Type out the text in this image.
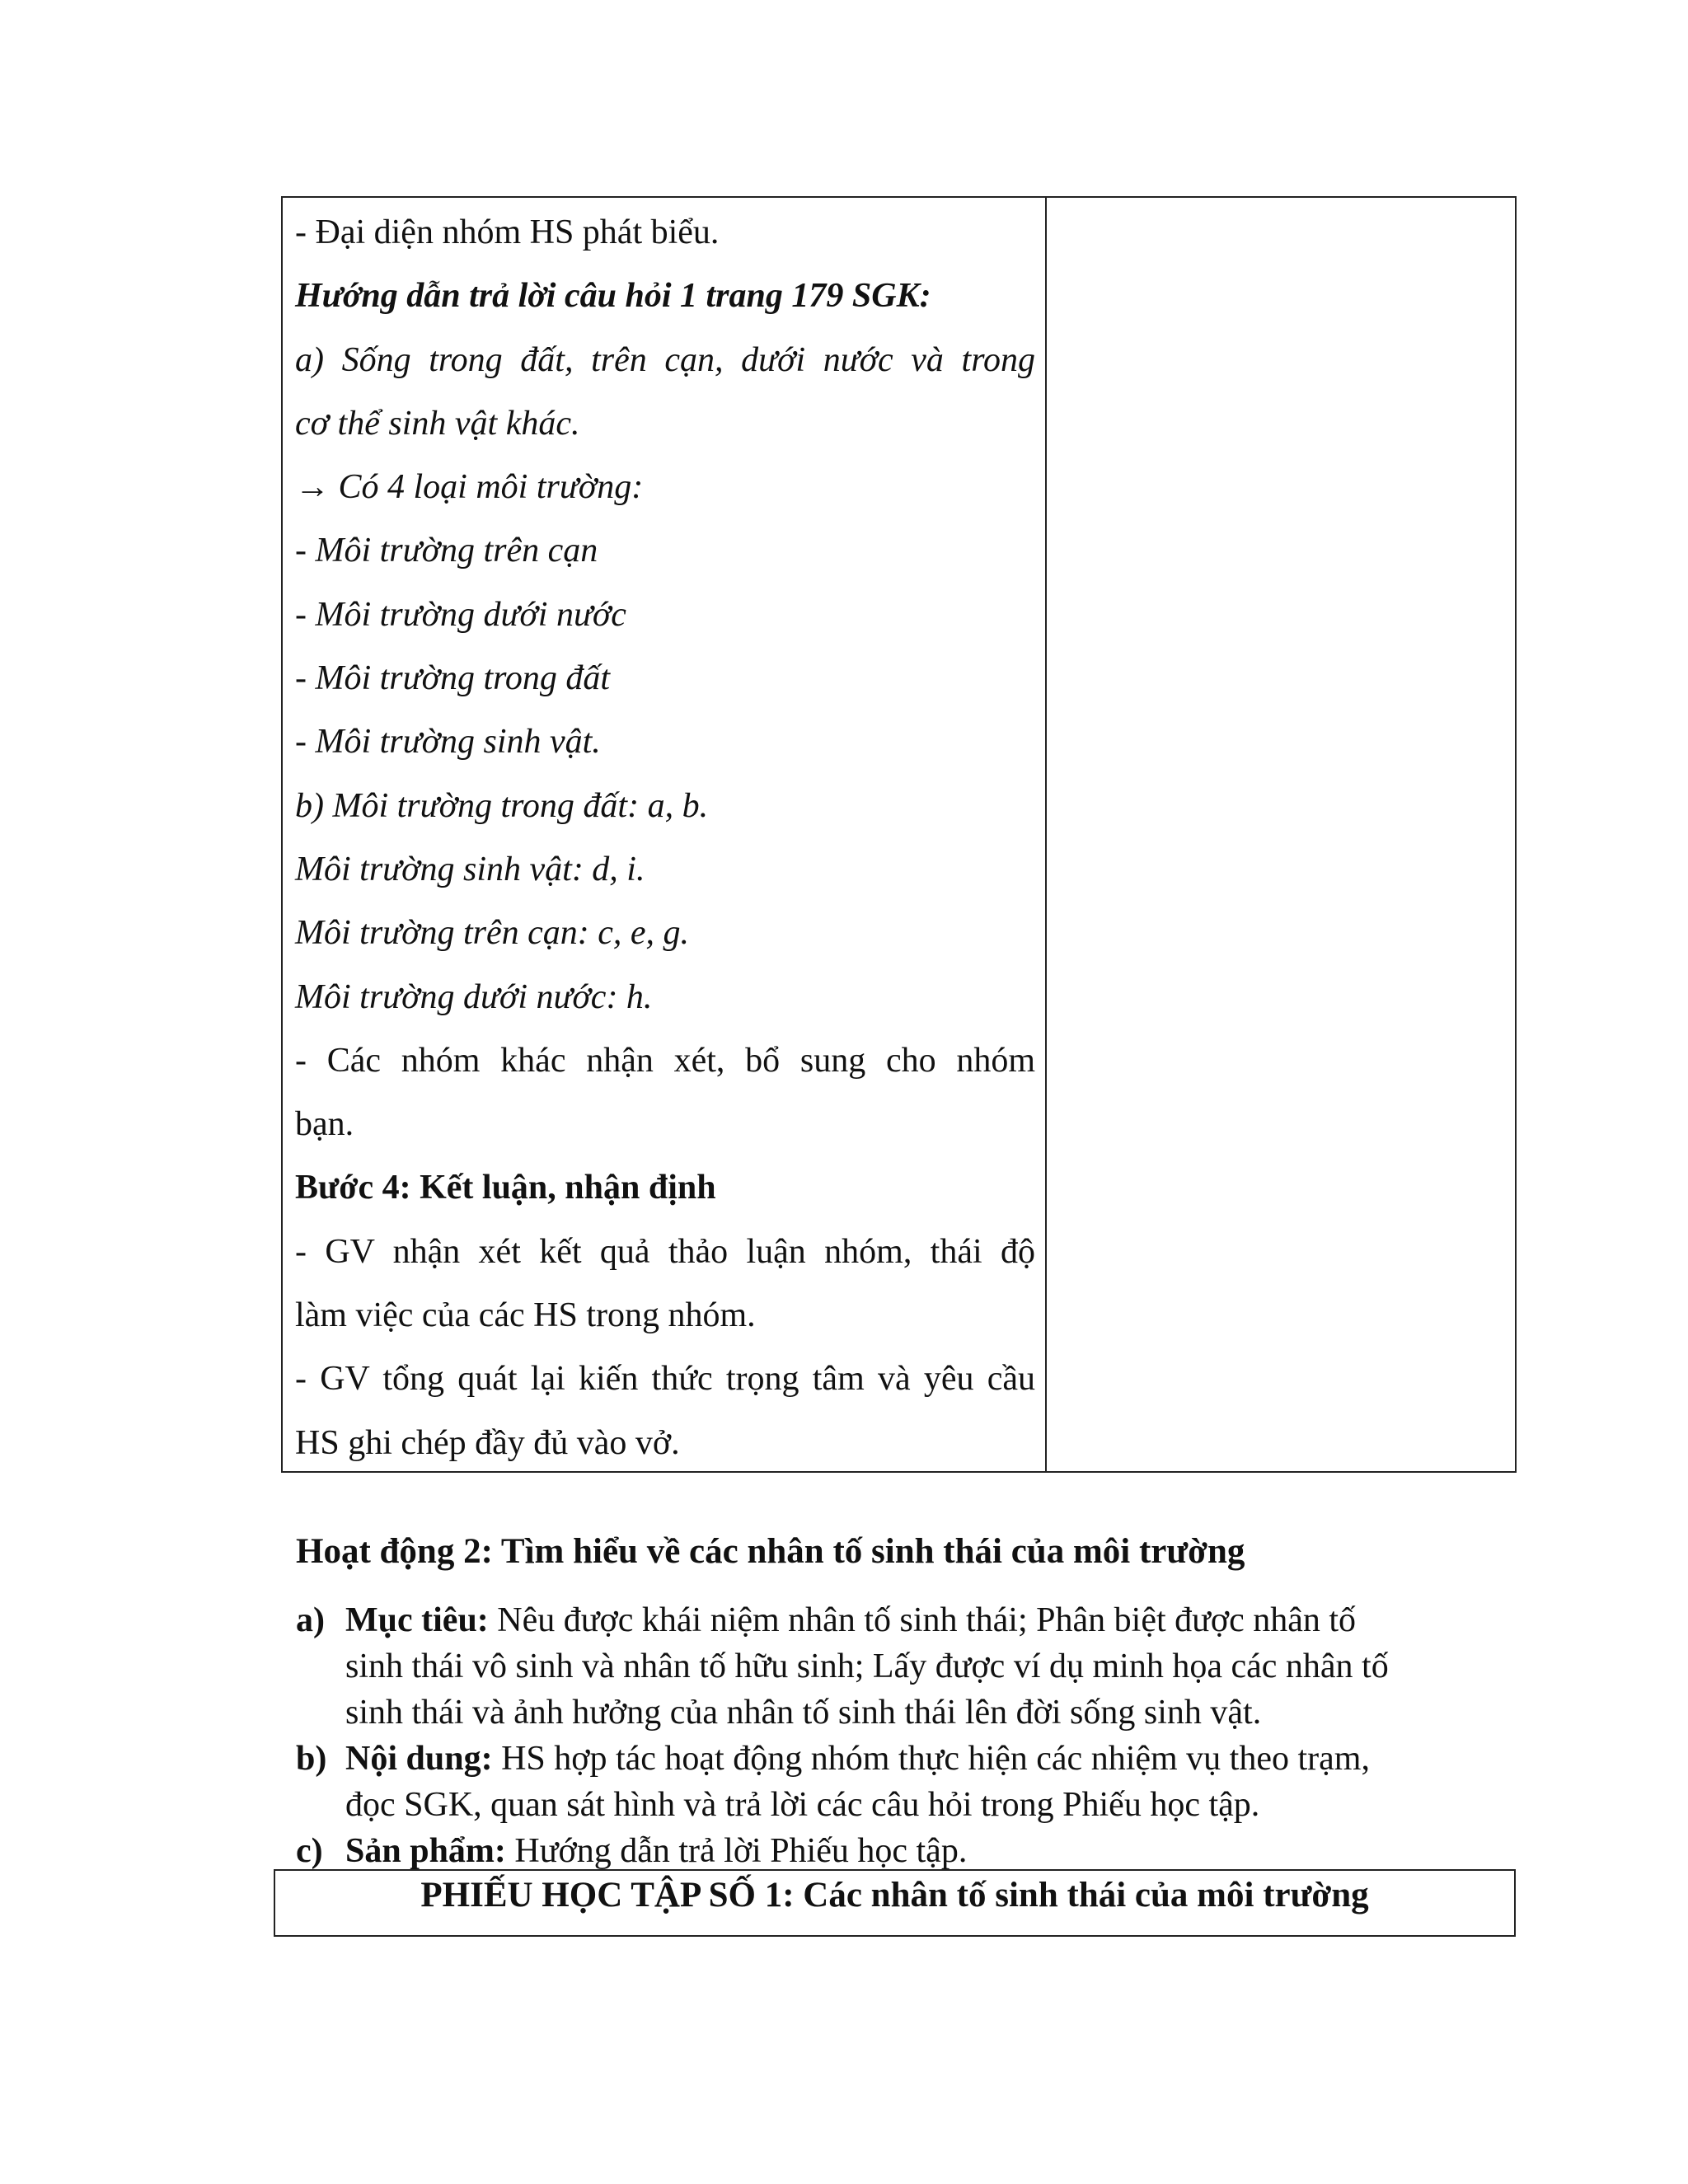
- Đại diện nhóm HS phát biểu.
Hướng dẫn trả lời câu hỏi 1 trang 179 SGK:
a) Sống trong đất, trên cạn, dưới nước và trong
cơ thể sinh vật khác.
→ Có 4 loại môi trường:
- Môi trường trên cạn
- Môi trường dưới nước
- Môi trường trong đất
- Môi trường sinh vật.
b) Môi trường trong đất: a, b.
Môi trường sinh vật: d, i.
Môi trường trên cạn: c, e, g.
Môi trường dưới nước: h.
- Các nhóm khác nhận xét, bổ sung cho nhóm
bạn.
Bước 4: Kết luận, nhận định
- GV nhận xét kết quả thảo luận nhóm, thái độ
làm việc của các HS trong nhóm.
- GV tổng quát lại kiến thức trọng tâm và yêu cầu
HS ghi chép đầy đủ vào vở.
Hoạt động 2: Tìm hiểu về các nhân tố sinh thái của môi trường
a) Mục tiêu: Nêu được khái niệm nhân tố sinh thái; Phân biệt được nhân tố
sinh thái vô sinh và nhân tố hữu sinh; Lấy được ví dụ minh họa các nhân tố
sinh thái và ảnh hưởng của nhân tố sinh thái lên đời sống sinh vật.
b) Nội dung: HS hợp tác hoạt động nhóm thực hiện các nhiệm vụ theo trạm,
đọc SGK, quan sát hình và trả lời các câu hỏi trong Phiếu học tập.
c) Sản phẩm: Hướng dẫn trả lời Phiếu học tập.
PHIẾU HỌC TẬP SỐ 1: Các nhân tố sinh thái của môi trường
